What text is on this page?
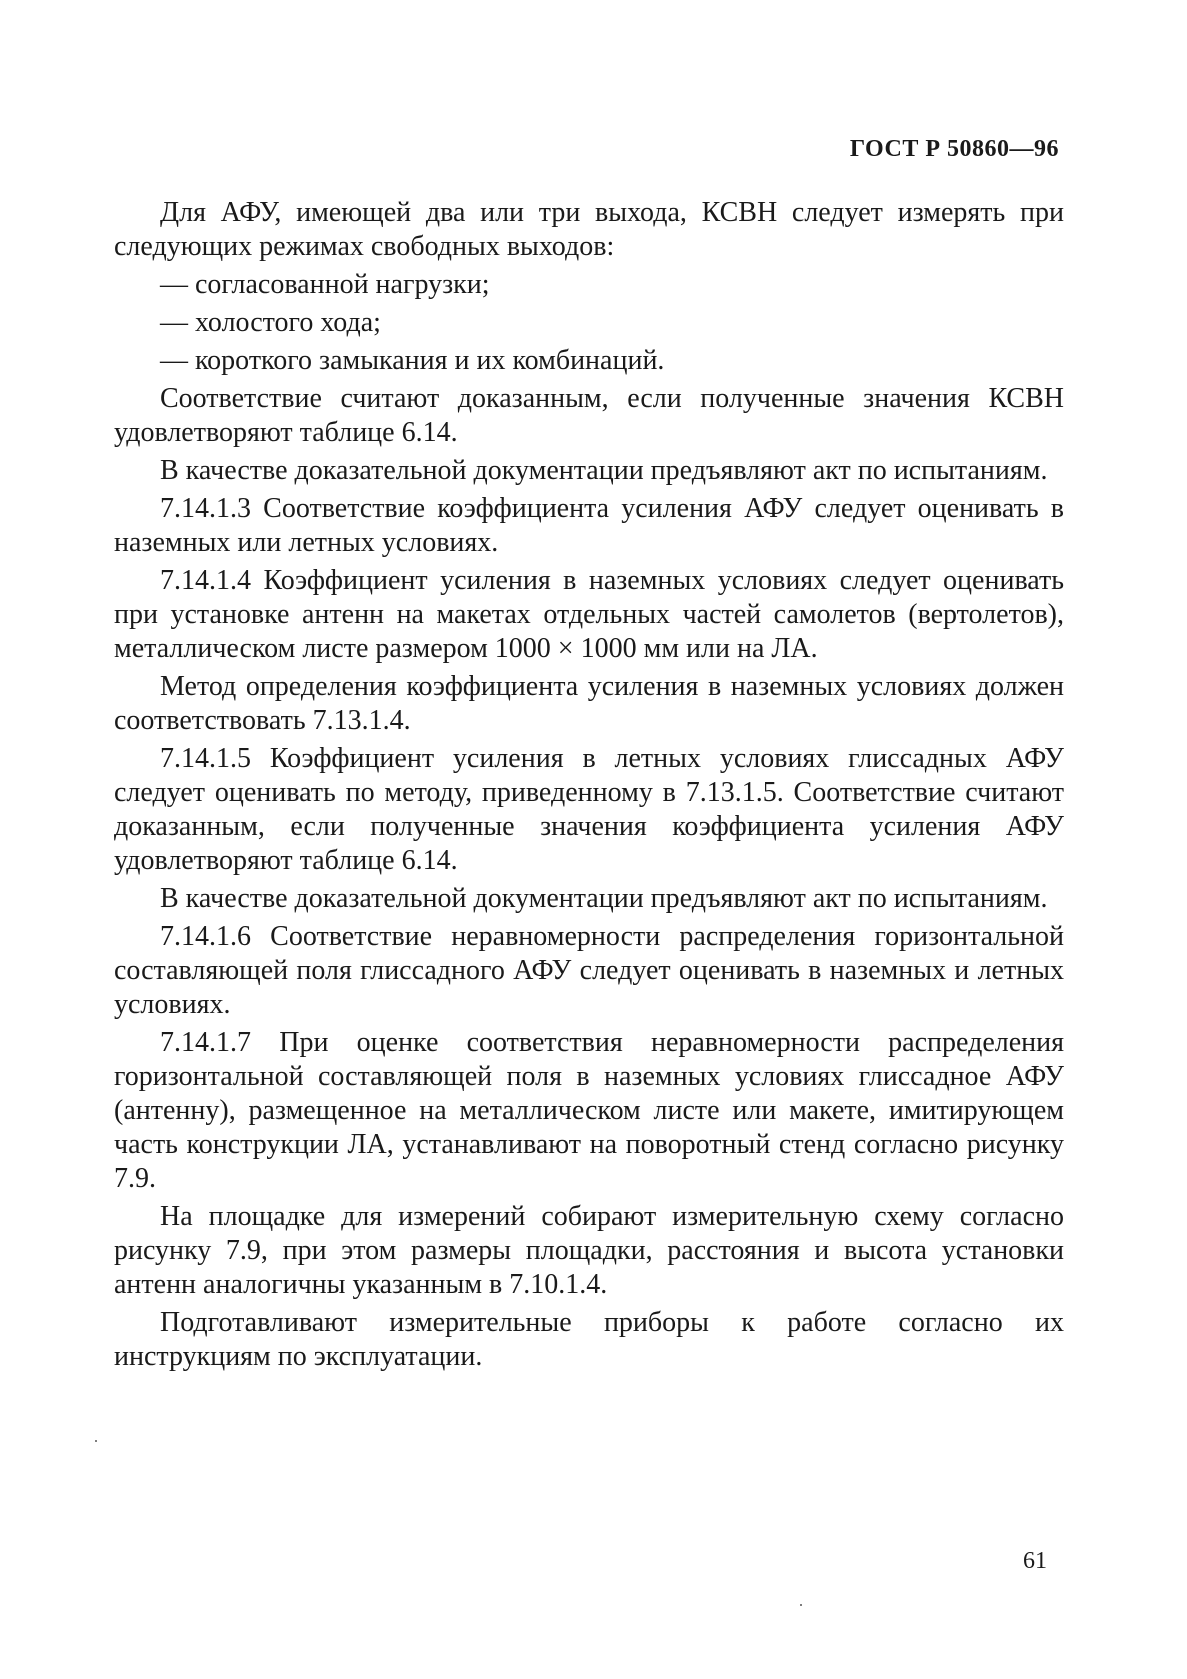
ГОСТ Р 50860—96

Для АФУ, имеющей два или три выхода, КСВН следует измерять при следующих режимах свободных выходов:

— согласованной нагрузки;

— холостого хода;

— короткого замыкания и их комбинаций.

Соответствие считают доказанным, если полученные значения КСВН удовлетворяют таблице 6.14.

В качестве доказательной документации предъявляют акт по испытаниям.

7.14.1.3 Соответствие коэффициента усиления АФУ следует оценивать в наземных или летных условиях.

7.14.1.4 Коэффициент усиления в наземных условиях следует оценивать при установке антенн на макетах отдельных частей самолетов (вертолетов), металлическом листе размером 1000 × 1000 мм или на ЛА.

Метод определения коэффициента усиления в наземных условиях должен соответствовать 7.13.1.4.

7.14.1.5 Коэффициент усиления в летных условиях глиссадных АФУ следует оценивать по методу, приведенному в 7.13.1.5. Соответствие считают доказанным, если полученные значения коэффициента усиления АФУ удовлетворяют таблице 6.14.

В качестве доказательной документации предъявляют акт по испытаниям.

7.14.1.6 Соответствие неравномерности распределения горизонтальной составляющей поля глиссадного АФУ следует оценивать в наземных и летных условиях.

7.14.1.7 При оценке соответствия неравномерности распределения горизонтальной составляющей поля в наземных условиях глиссадное АФУ (антенну), размещенное на металлическом листе или макете, имитирующем часть конструкции ЛА, устанавливают на поворотный стенд согласно рисунку 7.9.

На площадке для измерений собирают измерительную схему согласно рисунку 7.9, при этом размеры площадки, расстояния и высота установки антенн аналогичны указанным в 7.10.1.4.

Подготавливают измерительные приборы к работе согласно их инструкциям по эксплуатации.

61
